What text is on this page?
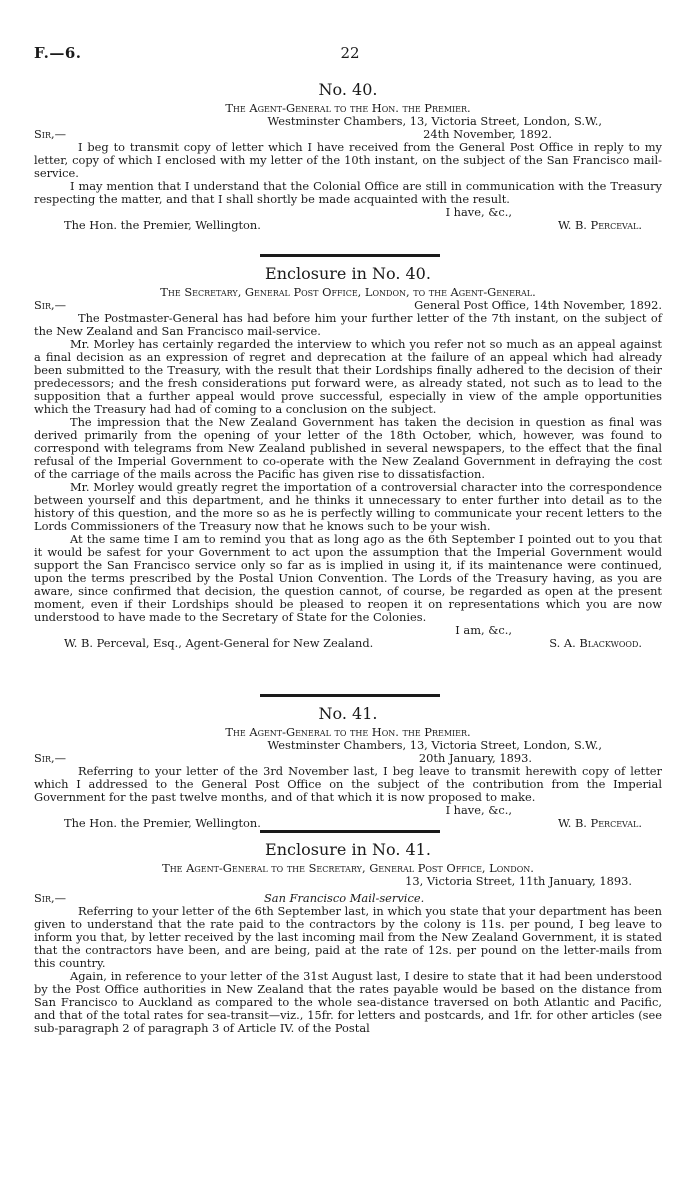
F.—6.	22
No. 40.

The Agent-General to the Hon. the Premier.

Westminster Chambers, 13, Victoria Street, London, S.W.,

Sir,—	24th November, 1892.

I beg to transmit copy of letter which I have received from the General Post Office in reply to my letter, copy of which I enclosed with my letter of the 10th instant, on the subject of the San Francisco mail-service.

I may mention that I understand that the Colonial Office are still in communication with the Treasury respecting the matter, and that I shall shortly be made acquainted with the result.

I have, &c.,

The Hon. the Premier, Wellington.	W. B. Perceval.
Enclosure in No. 40.

The Secretary, General Post Office, London, to the Agent-General.

Sir,—	General Post Office, 14th November, 1892.

The Postmaster-General has had before him your further letter of the 7th instant, on the subject of the New Zealand and San Francisco mail-service.

Mr. Morley has certainly regarded the interview to which you refer not so much as an appeal against a final decision as an expression of regret and deprecation at the failure of an appeal which had already been submitted to the Treasury, with the result that their Lordships finally adhered to the decision of their predecessors; and the fresh considerations put forward were, as already stated, not such as to lead to the supposition that a further appeal would prove successful, especially in view of the ample opportunities which the Treasury had had of coming to a conclusion on the subject.

The impression that the New Zealand Government has taken the decision in question as final was derived primarily from the opening of your letter of the 18th October, which, however, was found to correspond with telegrams from New Zealand published in several newspapers, to the effect that the final refusal of the Imperial Government to co-operate with the New Zealand Government in defraying the cost of the carriage of the mails across the Pacific has given rise to dissatisfaction.

Mr. Morley would greatly regret the importation of a controversial character into the correspondence between yourself and this department, and he thinks it unnecessary to enter further into detail as to the history of this question, and the more so as he is perfectly willing to communicate your recent letters to the Lords Commissioners of the Treasury now that he knows such to be your wish.

At the same time I am to remind you that as long ago as the 6th September I pointed out to you that it would be safest for your Government to act upon the assumption that the Imperial Government would support the San Francisco service only so far as is implied in using it, if its maintenance were continued, upon the terms prescribed by the Postal Union Convention. The Lords of the Treasury having, as you are aware, since confirmed that decision, the question cannot, of course, be regarded as open at the present moment, even if their Lordships should be pleased to reopen it on representations which you are now understood to have made to the Secretary of State for the Colonies.

I am, &c.,

W. B. Perceval, Esq., Agent-General for New Zealand.	S. A. Blackwood.
No. 41.

The Agent-General to the Hon. the Premier.

Westminster Chambers, 13, Victoria Street, London, S.W.,

Sir,—	20th January, 1893.

Referring to your letter of the 3rd November last, I beg leave to transmit herewith copy of letter which I addressed to the General Post Office on the subject of the contribution from the Imperial Government for the past twelve months, and of that which it is now proposed to make.

I have, &c.,

The Hon. the Premier, Wellington.	W. B. Perceval.
Enclosure in No. 41.

The Agent-General to the Secretary, General Post Office, London.

13, Victoria Street, 11th January, 1893.

Sir,—	San Francisco Mail-service.

Referring to your letter of the 6th September last, in which you state that your department has been given to understand that the rate paid to the contractors by the colony is 11s. per pound, I beg leave to inform you that, by letter received by the last incoming mail from the New Zealand Government, it is stated that the contractors have been, and are being, paid at the rate of 12s. per pound on the letter-mails from this country.

Again, in reference to your letter of the 31st August last, I desire to state that it had been understood by the Post Office authorities in New Zealand that the rates payable would be based on the distance from San Francisco to Auckland as compared to the whole sea-distance traversed on both Atlantic and Pacific, and that of the total rates for sea-transit—viz., 15fr. for letters and postcards, and 1fr. for other articles (see sub-paragraph 2 of paragraph 3 of Article IV. of the Postal
